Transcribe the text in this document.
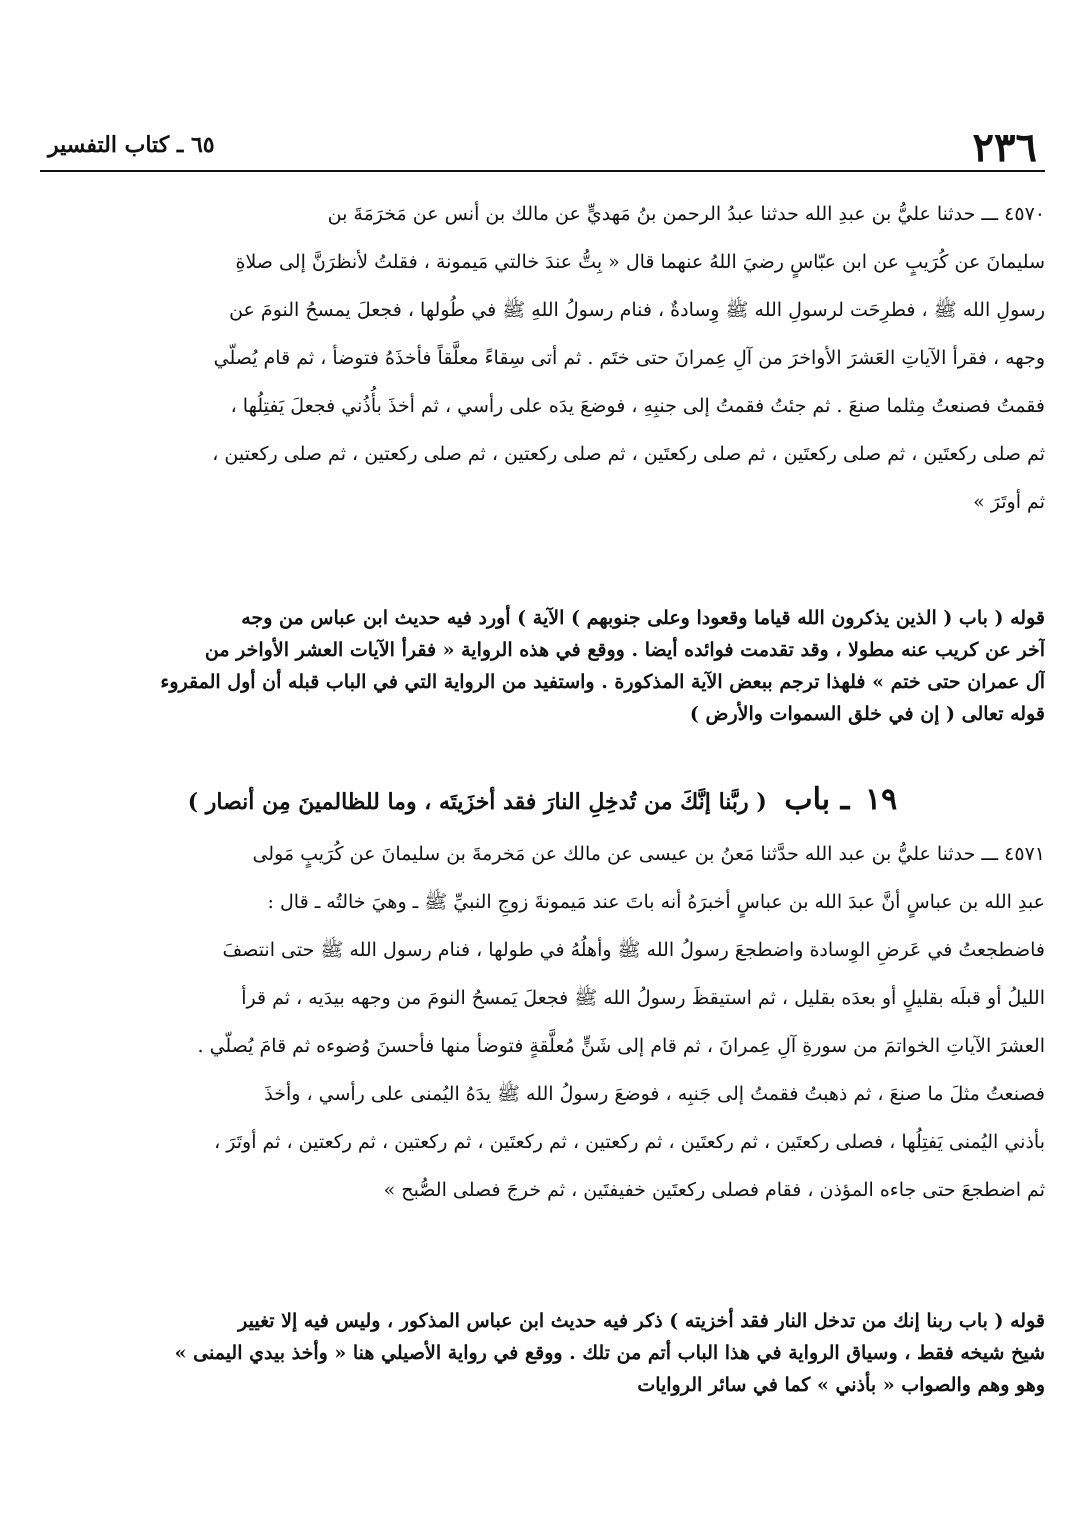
٢٣٦
٦٥ ـ كتاب التفسير
٤٥٧٠ ـــ حدثنا عليُّ بن عبدِ الله حدثنا عبدُ الرحمن بنُ مَهديٍّ عن مالك بن أنس عن مَخرَمَةَ بن
سليمانَ عن كُرَيبٍ عن ابن عبّاسٍ رضيَ اللهُ عنهما قال « بِتُّ عندَ خالتي مَيمونة ، فقلتُ لأنظرَنَّ إلى صلاةِ
رسولِ الله ﷺ ، فطرِحَت لرسولِ الله ﷺ وِسادةٌ ، فنام رسولُ اللهِ ﷺ في طُولها ، فجعلَ يمسحُ النومَ عن
وجهه ، فقرأ الآياتِ العَشرَ الأواخرَ من آلِ عِمرانَ حتى ختَم . ثم أتى سِقاءً معلَّقاً فأخذَهُ فتوضأ ، ثم قام يُصلّي
فقمتُ فصنعتُ مِثلما صنعَ . ثم جئتُ فقمتُ إلى جنبِهِ ، فوضعَ يدَه على رأسي ، ثم أخذَ بأُذُني فجعلَ يَفتِلُها ،
ثم صلى ركعتَين ، ثم صلى ركعتَين ، ثم صلى ركعتَين ، ثم صلى ركعتين ، ثم صلى ركعتين ، ثم صلى ركعتين ،
ثم أوتَرَ »
قوله ( باب ( الذين يذكرون الله قياما وقعودا وعلى جنوبهم ) الآية ) أورد فيه حديث ابن عباس من وجه
آخر عن كريب عنه مطولا ، وقد تقدمت فوائده أيضا . ووقع في هذه الرواية « فقرأ الآيات العشر الأواخر من
آل عمران حتى ختم » فلهذا ترجم ببعض الآية المذكورة . واستفيد من الرواية التي في الباب قبله أن أول المقروء
قوله تعالى ( إن في خلق السموات والأرض )
١٩ ـ باب ( ربَّنا إنَّكَ من تُدخِلِ النارَ فقد أخزَيتَه ، وما للظالمينَ مِن أنصار )
٤٥٧١ ـــ حدثنا عليُّ بن عبد الله حدَّثنا مَعنُ بن عيسى عن مالك عن مَخرمةَ بن سليمانَ عن كُرَيبٍ مَولى
عبدِ الله بن عباسٍ أنَّ عبدَ الله بن عباسٍ أخبرَهُ أنه باتَ عند مَيمونةَ زوجِ النبيِّ ﷺ ـ وهيَ خالتُه ـ قال :
فاضطجعتُ في عَرضِ الوِسادة واضطجعَ رسولُ الله ﷺ وأهلُهُ في طولها ، فنام رسول الله ﷺ حتى انتصفَ
الليلُ أو قبلَه بقليلٍ أو بعدَه بقليل ، ثم استيقظَ رسولُ الله ﷺ فجعلَ يَمسحُ النومَ من وجهه بيدَيه ، ثم قرأ
العشرَ الآياتِ الخواتمَ من سورةِ آلِ عِمرانَ ، ثم قام إلى شَنٍّ مُعلَّقةٍ فتوضأ منها فأحسنَ وُضوءه ثم قامَ يُصلّي .
فصنعتُ مثلَ ما صنعَ ، ثم ذهبتُ فقمتُ إلى جَنبِه ، فوضعَ رسولُ الله ﷺ يدَهُ اليُمنى على رأسي ، وأخذَ
بأذني اليُمنى يَفتِلُها ، فصلى ركعتَين ، ثم ركعتَين ، ثم ركعتين ، ثم ركعتَين ، ثم ركعتين ، ثم ركعتين ، ثم أوتَرَ ،
ثم اضطجعَ حتى جاءه المؤذن ، فقام فصلى ركعتَين خفيفتَين ، ثم خرجَ فصلى الصُّبح »
قوله ( باب ربنا إنك من تدخل النار فقد أخزيته ) ذكر فيه حديث ابن عباس المذكور ، وليس فيه إلا تغيير
شيخ شيخه فقط ، وسياق الرواية في هذا الباب أتم من تلك . ووقع في رواية الأصيلي هنا « وأخذ بيدي اليمنى »
وهو وهم والصواب « بأذني » كما في سائر الروايات
